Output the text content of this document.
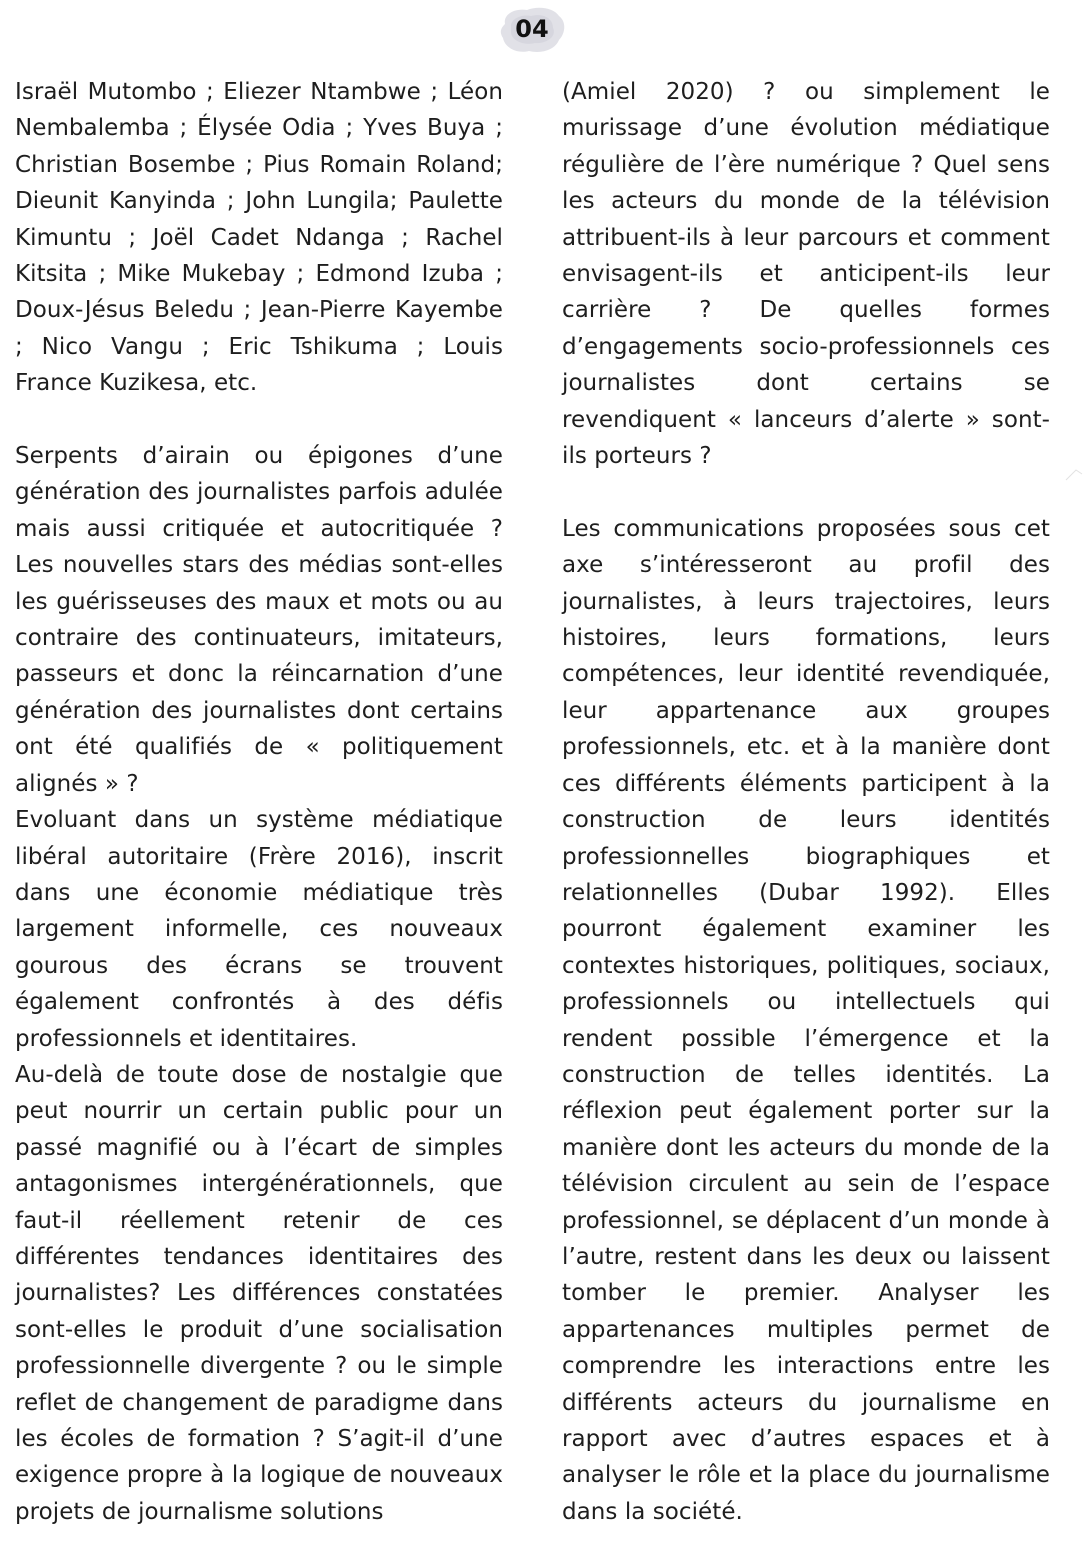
04

Israël Mutombo ; Eliezer Ntambwe ; Léon Nembalemba ; Élysée Odia ; Yves Buya ; Christian Bosembe ; Pius Romain Roland; Dieunit Kanyinda ; John Lungila; Paulette Kimuntu ; Joël Cadet Ndanga ; Rachel Kitsita ; Mike Mukebay ; Edmond Izuba ; Doux-Jésus Beledu ; Jean-Pierre Kayembe ; Nico Vangu ; Eric Tshikuma ; Louis France Kuzikesa, etc.

Serpents d’airain ou épigones d’une génération des journalistes parfois adulée mais aussi critiquée et autocritiquée ? Les nouvelles stars des médias sont-elles les guérisseuses des maux et mots ou au contraire des continuateurs, imitateurs, passeurs et donc la réincarnation d’une génération des journalistes dont certains ont été qualifiés de « politiquement alignés » ?

Evoluant dans un système médiatique libéral autoritaire (Frère 2016), inscrit dans une économie médiatique très largement informelle, ces nouveaux gourous des écrans se trouvent également confrontés à des défis professionnels et identitaires.

Au-delà de toute dose de nostalgie que peut nourrir un certain public pour un passé magnifié ou à l’écart de simples antagonismes intergénérationnels, que faut-il réellement retenir de ces différentes tendances identitaires des journalistes? Les différences constatées sont-elles le produit d’une socialisation professionnelle divergente ? ou le simple reflet de changement de paradigme dans les écoles de formation ? S’agit-il d’une exigence propre à la logique de nouveaux projets de journalisme solutions

(Amiel 2020) ? ou simplement le murissage d’une évolution médiatique régulière de l’ère numérique ? Quel sens les acteurs du monde de la télévision attribuent-ils à leur parcours et comment envisagent-ils et anticipent-ils leur carrière ? De quelles formes d’engagements socio-professionnels ces journalistes dont certains se revendiquent « lanceurs d’alerte » sont-ils porteurs ?

Les communications proposées sous cet axe s’intéresseront au profil des journalistes, à leurs trajectoires, leurs histoires, leurs formations, leurs compétences, leur identité revendiquée, leur appartenance aux groupes professionnels, etc. et à la manière dont ces différents éléments participent à la construction de leurs identités professionnelles biographiques et relationnelles (Dubar 1992). Elles pourront également examiner les contextes historiques, politiques, sociaux, professionnels ou intellectuels qui rendent possible l’émergence et la construction de telles identités. La réflexion peut également porter sur la manière dont les acteurs du monde de la télévision circulent au sein de l’espace professionnel, se déplacent d’un monde à l’autre, restent dans les deux ou laissent tomber le premier. Analyser les appartenances multiples permet de comprendre les interactions entre les différents acteurs du journalisme en rapport avec d’autres espaces et à analyser le rôle et la place du journalisme dans la société.
